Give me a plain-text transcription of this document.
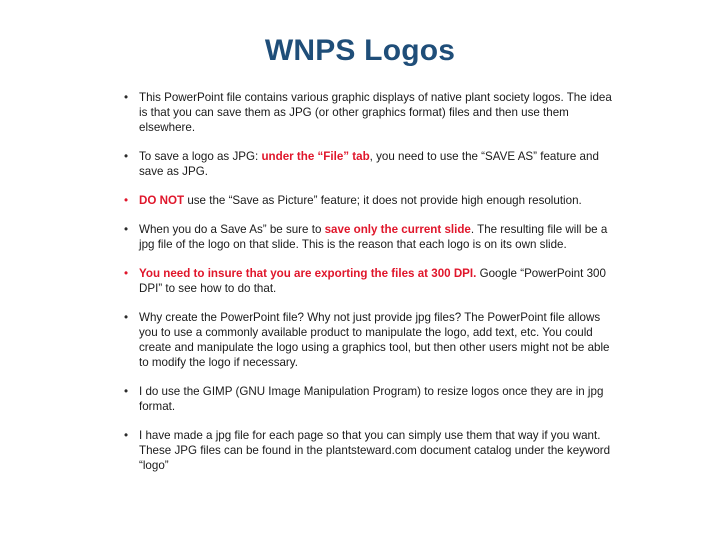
WNPS Logos
• This PowerPoint file contains various graphic displays of native plant society logos. The idea is that you can save them as JPG (or other graphics format) files and then use them elsewhere.
• To save a logo as JPG: under the “File” tab, you need to use the “SAVE AS” feature and save as JPG.
• DO NOT use the “Save as Picture” feature; it does not provide high enough resolution.
• When you do a Save As” be sure to save only the current slide. The resulting file will be a jpg file of the logo on that slide. This is the reason that each logo is on its own slide.
• You need to insure that you are exporting the files at 300 DPI. Google “PowerPoint 300 DPI” to see how to do that.
• Why create the PowerPoint file? Why not just provide jpg files? The PowerPoint file allows you to use a commonly available product to manipulate the logo, add text, etc. You could create and manipulate the logo using a graphics tool, but then other users might not be able to modify the logo if necessary.
• I do use the GIMP (GNU Image Manipulation Program) to resize logos once they are in jpg format.
• I have made a jpg file for each page so that you can simply use them that way if you want. These JPG files can be found in the plantsteward.com document catalog under the keyword “logo”
